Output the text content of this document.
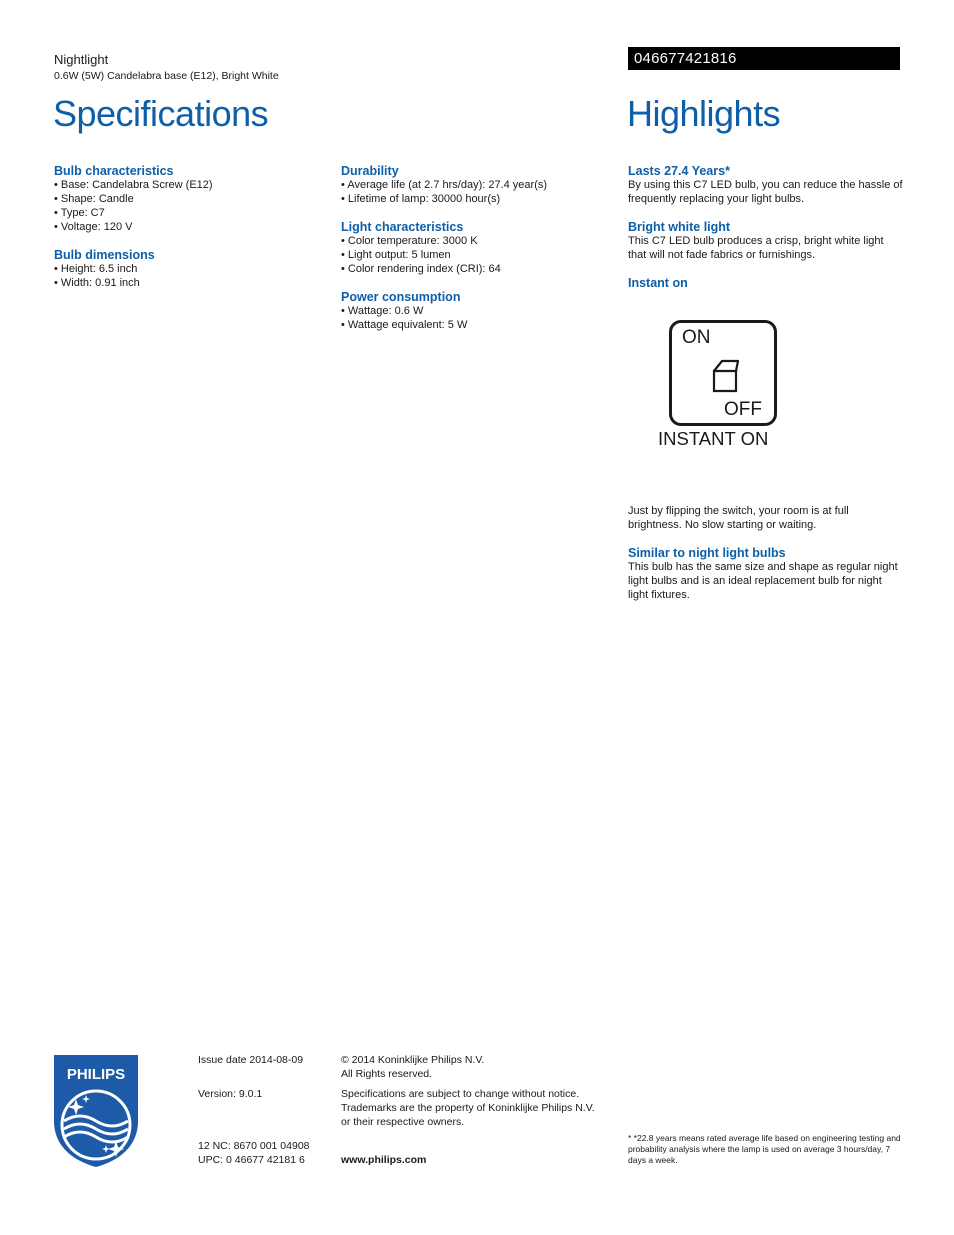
Nightlight
0.6W (5W) Candelabra base (E12), Bright White
046677421816
Specifications	Highlights
Bulb characteristics
• Base: Candelabra Screw (E12)
• Shape: Candle
• Type: C7
• Voltage: 120 V
Bulb dimensions
• Height: 6.5 inch
• Width: 0.91 inch
Durability
• Average life (at 2.7 hrs/day): 27.4 year(s)
• Lifetime of lamp: 30000 hour(s)
Light characteristics
• Color temperature: 3000 K
• Light output: 5 lumen
• Color rendering index (CRI): 64
Power consumption
• Wattage: 0.6 W
• Wattage equivalent: 5 W
Lasts 27.4 Years*

By using this C7 LED bulb, you can reduce the hassle of frequently replacing your light bulbs.

Bright white light

This C7 LED bulb produces a crisp, bright white light that will not fade fabrics or furnishings.

Instant on
ON
OFF
INSTANT ON

Just by flipping the switch, your room is at full brightness. No slow starting or waiting.

Similar to night light bulbs

This bulb has the same size and shape as regular night light bulbs and is an ideal replacement bulb for night light fixtures.

PHILIPS
Issue date 2014-08-09
Version: 9.0.1
12 NC: 8670 001 04908
UPC: 0 46677 42181 6
© 2014 Koninklijke Philips N.V.
All Rights reserved.
Specifications are subject to change without notice.
Trademarks are the property of Koninklijke Philips N.V.
or their respective owners.
www.philips.com
* *22.8 years means rated average life based on engineering testing and probability analysis where the lamp is used on average 3 hours/day, 7 days a week.
